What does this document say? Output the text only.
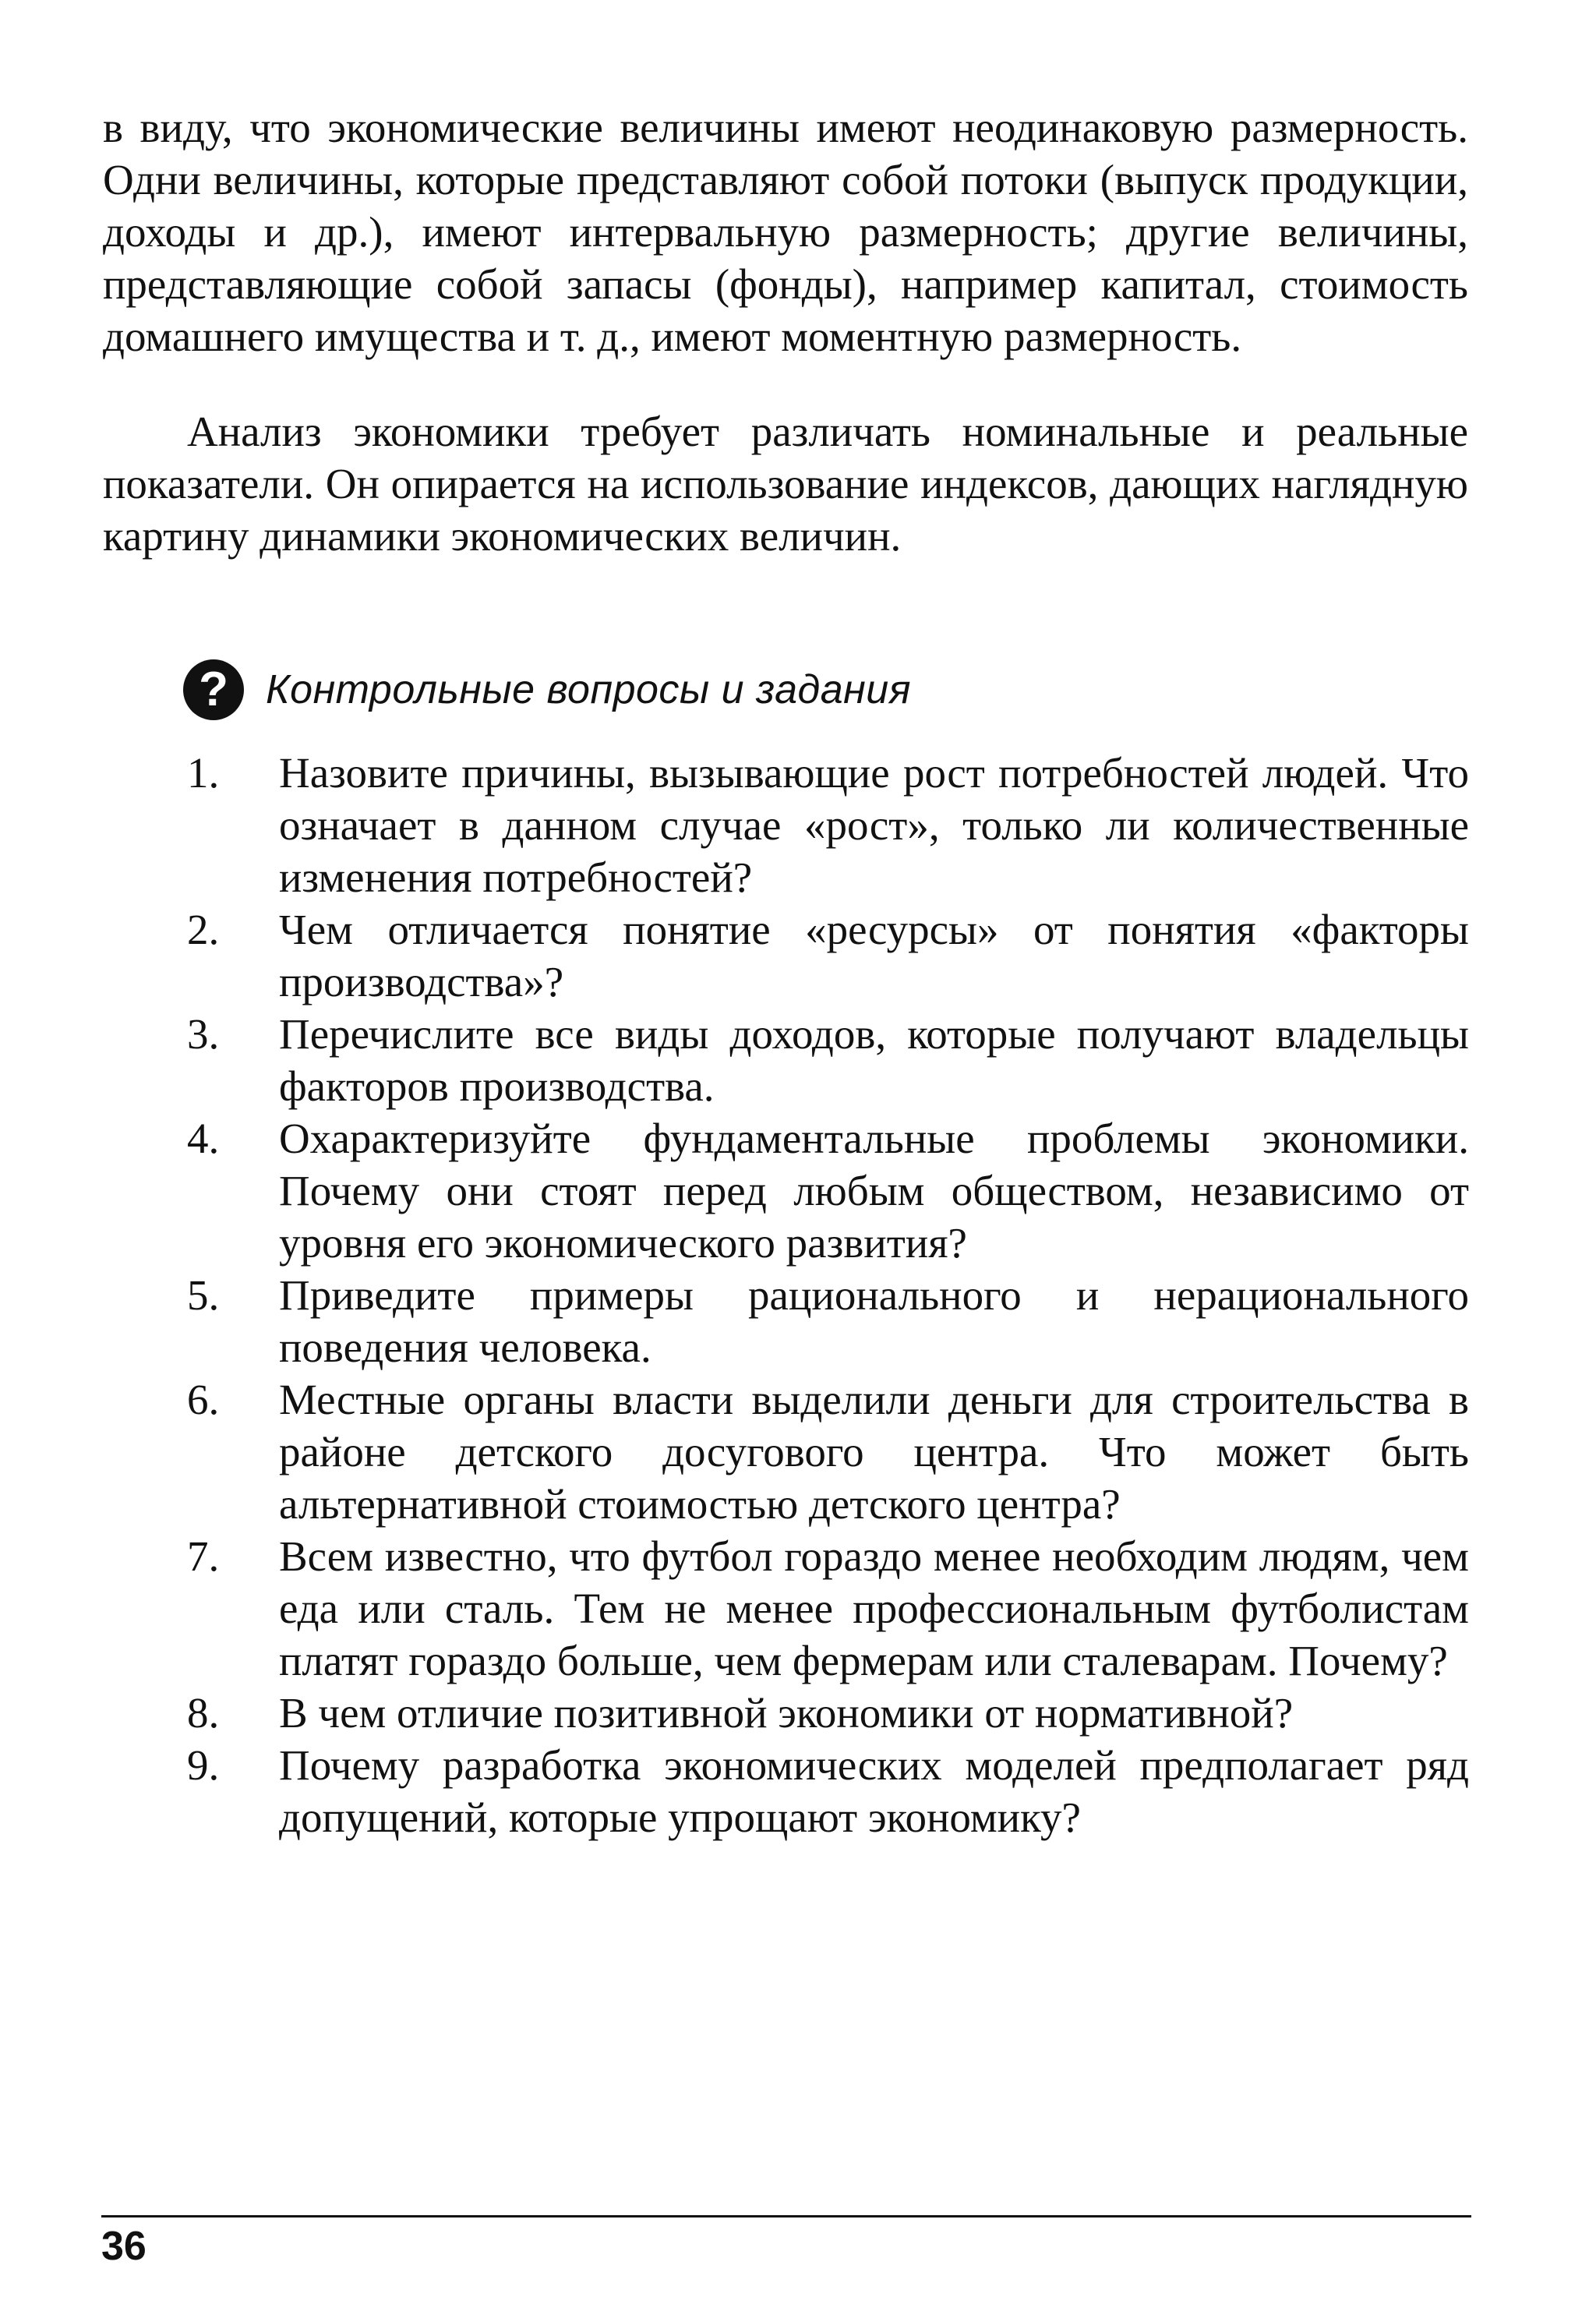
в виду, что экономические величины имеют неодинаковую размерность. Одни величины, которые представляют собой потоки (выпуск продукции, доходы и др.), имеют интервальную размерность; другие величины, представляющие собой запасы (фонды), например капитал, стоимость домашнего имущества и т. д., имеют моментную размерность.

Анализ экономики требует различать номинальные и реальные показатели. Он опирается на использование индексов, дающих наглядную картину динамики экономических величин.

? Контрольные вопросы и задания
1.	Назовите причины, вызывающие рост потребностей людей. Что означает в данном случае «рост», только ли количественные изменения потребностей?
2.	Чем отличается понятие «ресурсы» от понятия «факторы производства»?
3.	Перечислите все виды доходов, которые получают владельцы факторов производства.
4.	Охарактеризуйте фундаментальные проблемы экономики. Почему они стоят перед любым обществом, независимо от уровня его экономического развития?
5.	Приведите примеры рационального и нерационального поведения человека.
6.	Местные органы власти выделили деньги для строительства в районе детского досугового центра. Что может быть альтернативной стоимостью детского центра?
7.	Всем известно, что футбол гораздо менее необходим людям, чем еда или сталь. Тем не менее профессиональным футболистам платят гораздо больше, чем фермерам или сталеварам. Почему?
8.	В чем отличие позитивной экономики от нормативной?
9.	Почему разработка экономических моделей предполагает ряд допущений, которые упрощают экономику?
36
